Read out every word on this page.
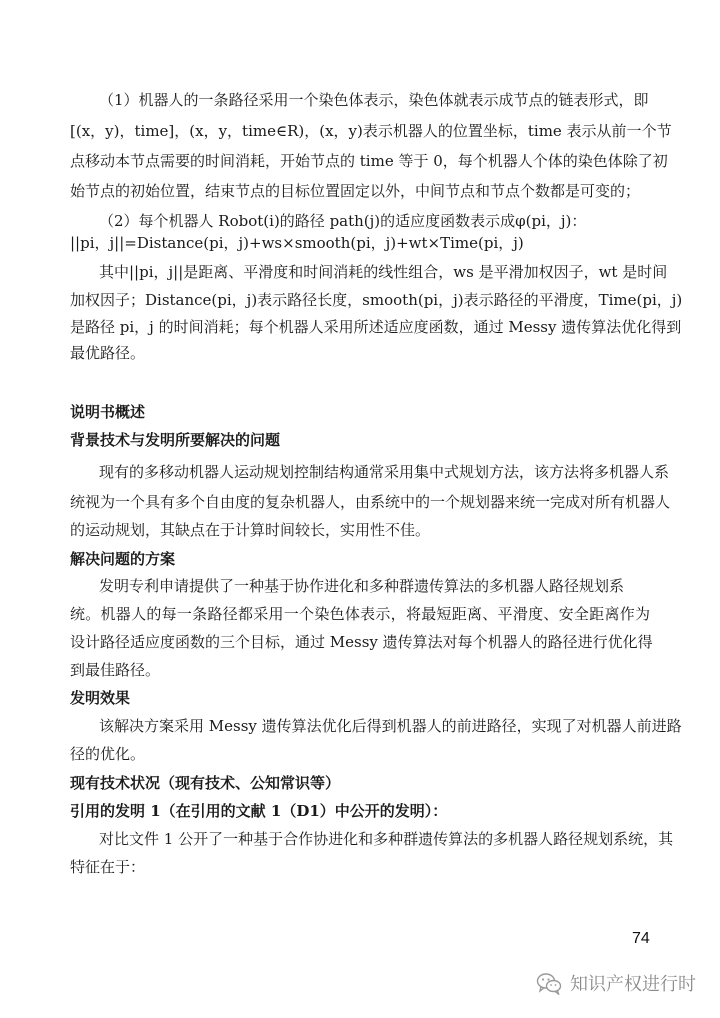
（1）机器人的一条路径采用一个染色体表示，染色体就表示成节点的链表形式，即
[(x，y)，time]，(x，y，time∈R)，(x，y)表示机器人的位置坐标，time 表示从前一个节
点移动本节点需要的时间消耗，开始节点的 time 等于 0，每个机器人个体的染色体除了初
始节点的初始位置，结束节点的目标位置固定以外，中间节点和节点个数都是可变的；
（2）每个机器人 Robot(i)的路径 path(j)的适应度函数表示成φ(pi，j)：
||pi，j||=Distance(pi，j)+ws×smooth(pi，j)+wt×Time(pi，j)
其中||pi，j||是距离、平滑度和时间消耗的线性组合，ws 是平滑加权因子，wt 是时间
加权因子；Distance(pi，j)表示路径长度，smooth(pi，j)表示路径的平滑度，Time(pi，j)
是路径 pi，j 的时间消耗；每个机器人采用所述适应度函数，通过 Messy 遗传算法优化得到
最优路径。
说明书概述
背景技术与发明所要解决的问题
现有的多移动机器人运动规划控制结构通常采用集中式规划方法，该方法将多机器人系
统视为一个具有多个自由度的复杂机器人，由系统中的一个规划器来统一完成对所有机器人
的运动规划，其缺点在于计算时间较长，实用性不佳。
解决问题的方案
发明专利申请提供了一种基于协作进化和多种群遗传算法的多机器人路径规划系
统。机器人的每一条路径都采用一个染色体表示，将最短距离、平滑度、安全距离作为
设计路径适应度函数的三个目标，通过 Messy 遗传算法对每个机器人的路径进行优化得
到最佳路径。
发明效果
该解决方案采用 Messy 遗传算法优化后得到机器人的前进路径，实现了对机器人前进路
径的优化。
现有技术状况（现有技术、公知常识等）
引用的发明 1（在引用的文献 1（D1）中公开的发明）：
对比文件 1 公开了一种基于合作协进化和多种群遗传算法的多机器人路径规划系统，其
特征在于：
74
知识产权进行时
